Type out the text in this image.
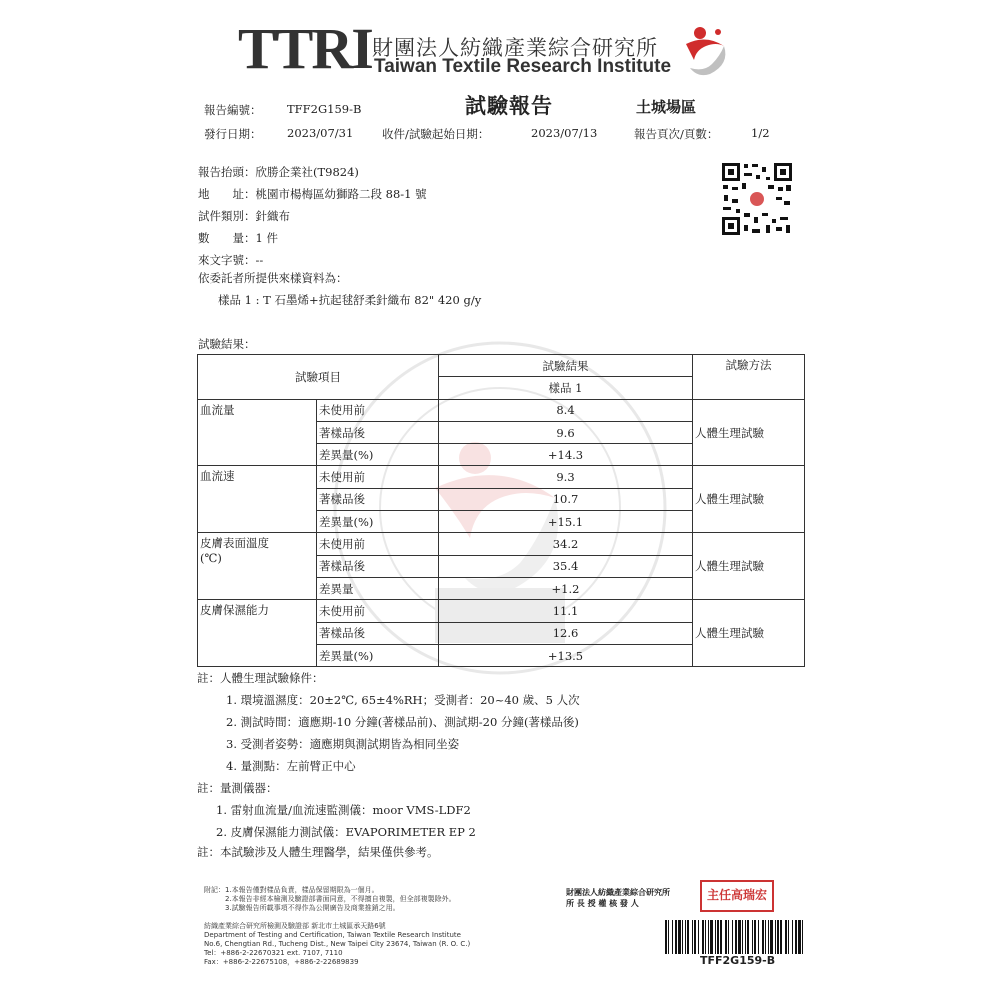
TTRI 財團法人紡織產業綜合研究所
Taiwan Textile Research Institute
試驗報告	土城場區
報告編號： TFF2G159-B
發行日期： 2023/07/31 收件/試驗起始日期：	2023/07/13	報告頁次/頁數：	1/2
報告抬頭：欣勝企業社(T9824)
地　　址：桃園市楊梅區幼獅路二段 88-1 號
試件類別：針織布
數　　量：1 件
來文字號：--
依委託者所提供來樣資料為：
樣品 1 : T 石墨烯+抗起毬舒柔針織布 82" 420 g/y
試驗結果：
試驗項目		試驗結果	試驗方法
		樣品 1	
血流量	未使用前	8.4	人體生理試驗
	著樣品後	9.6	
	差異量(%)	+14.3	
血流速	未使用前	9.3	人體生理試驗
	著樣品後	10.7	
	差異量(%)	+15.1	
皮膚表面溫度
(℃)	未使用前	34.2	人體生理試驗
	著樣品後	35.4	
	差異量	+1.2	
皮膚保濕能力	未使用前	11.1	人體生理試驗
	著樣品後	12.6	
	差異量(%)	+13.5	
註：人體生理試驗條件：
1. 環境溫濕度：20±2℃, 65±4%RH；受測者：20~40 歲、5 人次
2. 測試時間：適應期-10 分鐘(著樣品前)、測試期-20 分鐘(著樣品後)
3. 受測者姿勢：適應期與測試期皆為相同坐姿
4. 量測點：左前臂正中心
註：量測儀器：
1. 雷射血流量/血流速監測儀：moor VMS-LDF2
2. 皮膚保濕能力測試儀：EVAPORIMETER EP 2
註：本試驗涉及人體生理醫學，結果僅供參考。
附記：1.本報告僅對樣品負責，樣品保留期限為一個月。
　　　2.本報告非經本檢測及驗證部書面同意，不得擅自複製，但全部複製除外。
　　　3.試驗報告所載事項不得作為公開廣告及商業推銷之用。
紡織產業綜合研究所檢測及驗證部 新北市土城區承天路6號
Department of Testing and Certification, Taiwan Textile Research Institute
No.6, Chengtian Rd., Tucheng Dist., New Taipei City 23674, Taiwan (R. O. C.)
Tel：+886-2-22670321 ext. 7107, 7110
Fax：+886-2-22675108，+886-2-22689839
財團法人紡織產業綜合研究所
所 長 授 權 核 發 人
主任高瑞宏
TFF2G159-B
